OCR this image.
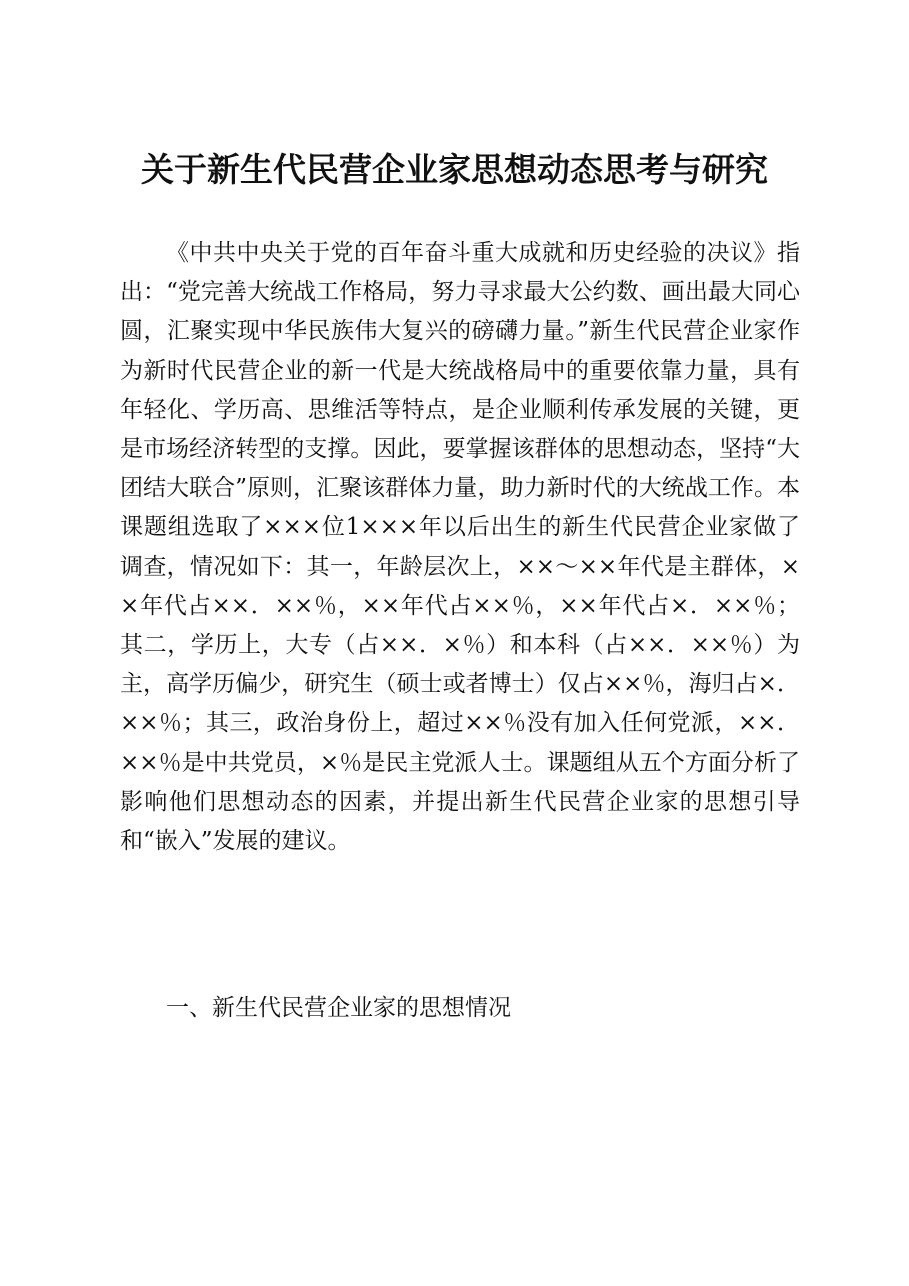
关于新生代民营企业家思想动态思考与研究

《中共中央关于党的百年奋斗重大成就和历史经验的决议》指出：“党完善大统战工作格局，努力寻求最大公约数、画出最大同心圆，汇聚实现中华民族伟大复兴的磅礴力量。”新生代民营企业家作为新时代民营企业的新一代是大统战格局中的重要依靠力量，具有年轻化、学历高、思维活等特点，是企业顺利传承发展的关键，更是市场经济转型的支撑。因此，要掌握该群体的思想动态，坚持“大团结大联合”原则，汇聚该群体力量，助力新时代的大统战工作。本课题组选取了×××位1×××年以后出生的新生代民营企业家做了调查，情况如下：其一，年龄层次上，××～××年代是主群体，××年代占××．××％，××年代占××％，××年代占×．××％；其二，学历上，大专（占××．×％）和本科（占××．××％）为主，高学历偏少，研究生（硕士或者博士）仅占××％，海归占×．××％；其三，政治身份上，超过××％没有加入任何党派，××．××％是中共党员，×％是民主党派人士。课题组从五个方面分析了影响他们思想动态的因素，并提出新生代民营企业家的思想引导和“嵌入”发展的建议。

一、新生代民营企业家的思想情况
